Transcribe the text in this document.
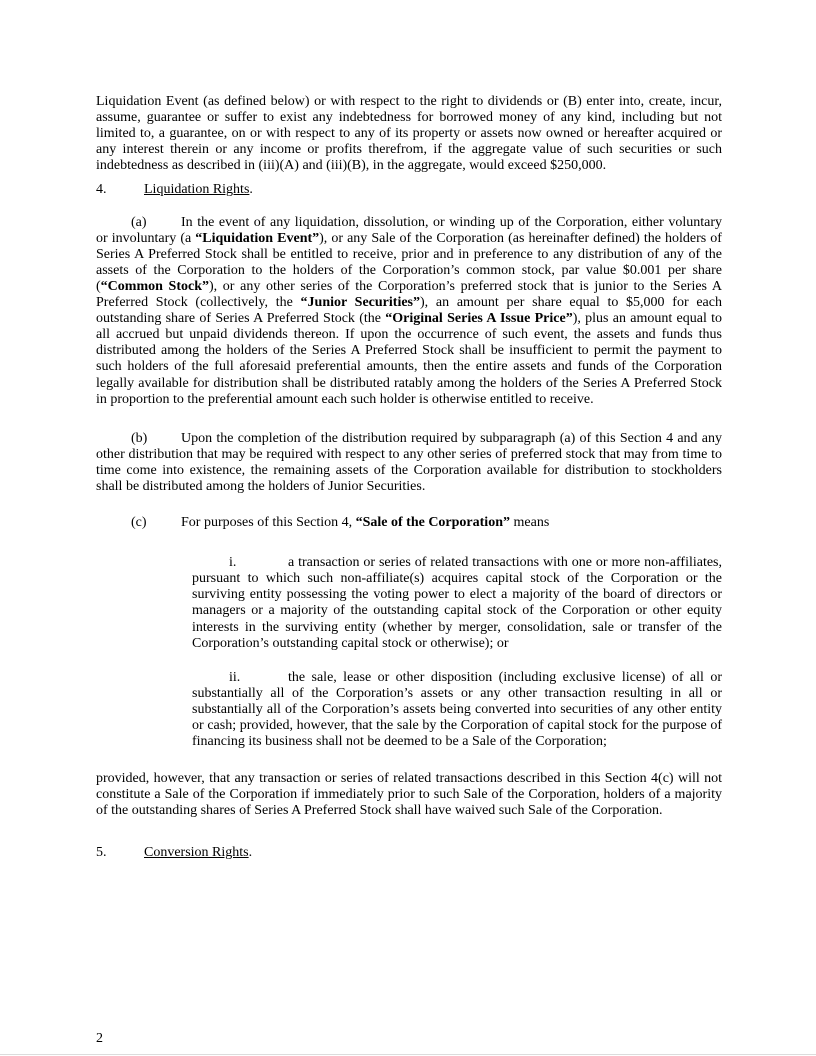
Liquidation Event (as defined below) or with respect to the right to dividends or (B) enter into, create, incur, assume, guarantee or suffer to exist any indebtedness for borrowed money of any kind, including but not limited to, a guarantee, on or with respect to any of its property or assets now owned or hereafter acquired or any interest therein or any income or profits therefrom, if the aggregate value of such securities or such indebtedness as described in (iii)(A) and (iii)(B), in the aggregate, would exceed $250,000.

4.	Liquidation Rights.

(a) In the event of any liquidation, dissolution, or winding up of the Corporation, either voluntary or involuntary (a “Liquidation Event”), or any Sale of the Corporation (as hereinafter defined) the holders of Series A Preferred Stock shall be entitled to receive, prior and in preference to any distribution of any of the assets of the Corporation to the holders of the Corporation’s common stock, par value $0.001 per share (“Common Stock”), or any other series of the Corporation’s preferred stock that is junior to the Series A Preferred Stock (collectively, the “Junior Securities”), an amount per share equal to $5,000 for each outstanding share of Series A Preferred Stock (the “Original Series A Issue Price”), plus an amount equal to all accrued but unpaid dividends thereon. If upon the occurrence of such event, the assets and funds thus distributed among the holders of the Series A Preferred Stock shall be insufficient to permit the payment to such holders of the full aforesaid preferential amounts, then the entire assets and funds of the Corporation legally available for distribution shall be distributed ratably among the holders of the Series A Preferred Stock in proportion to the preferential amount each such holder is otherwise entitled to receive.

(b) Upon the completion of the distribution required by subparagraph (a) of this Section 4 and any other distribution that may be required with respect to any other series of preferred stock that may from time to time come into existence, the remaining assets of the Corporation available for distribution to stockholders shall be distributed among the holders of Junior Securities.

(c) For purposes of this Section 4, “Sale of the Corporation” means

i.	a transaction or series of related transactions with one or more non-affiliates, pursuant to which such non-affiliate(s) acquires capital stock of the Corporation or the surviving entity possessing the voting power to elect a majority of the board of directors or managers or a majority of the outstanding capital stock of the Corporation or other equity interests in the surviving entity (whether by merger, consolidation, sale or transfer of the Corporation’s outstanding capital stock or otherwise); or

ii.	the sale, lease or other disposition (including exclusive license) of all or substantially all of the Corporation’s assets or any other transaction resulting in all or substantially all of the Corporation’s assets being converted into securities of any other entity or cash; provided, however, that the sale by the Corporation of capital stock for the purpose of financing its business shall not be deemed to be a Sale of the Corporation;

provided, however, that any transaction or series of related transactions described in this Section 4(c) will not constitute a Sale of the Corporation if immediately prior to such Sale of the Corporation, holders of a majority of the outstanding shares of Series A Preferred Stock shall have waived such Sale of the Corporation.

5.	Conversion Rights.

2
